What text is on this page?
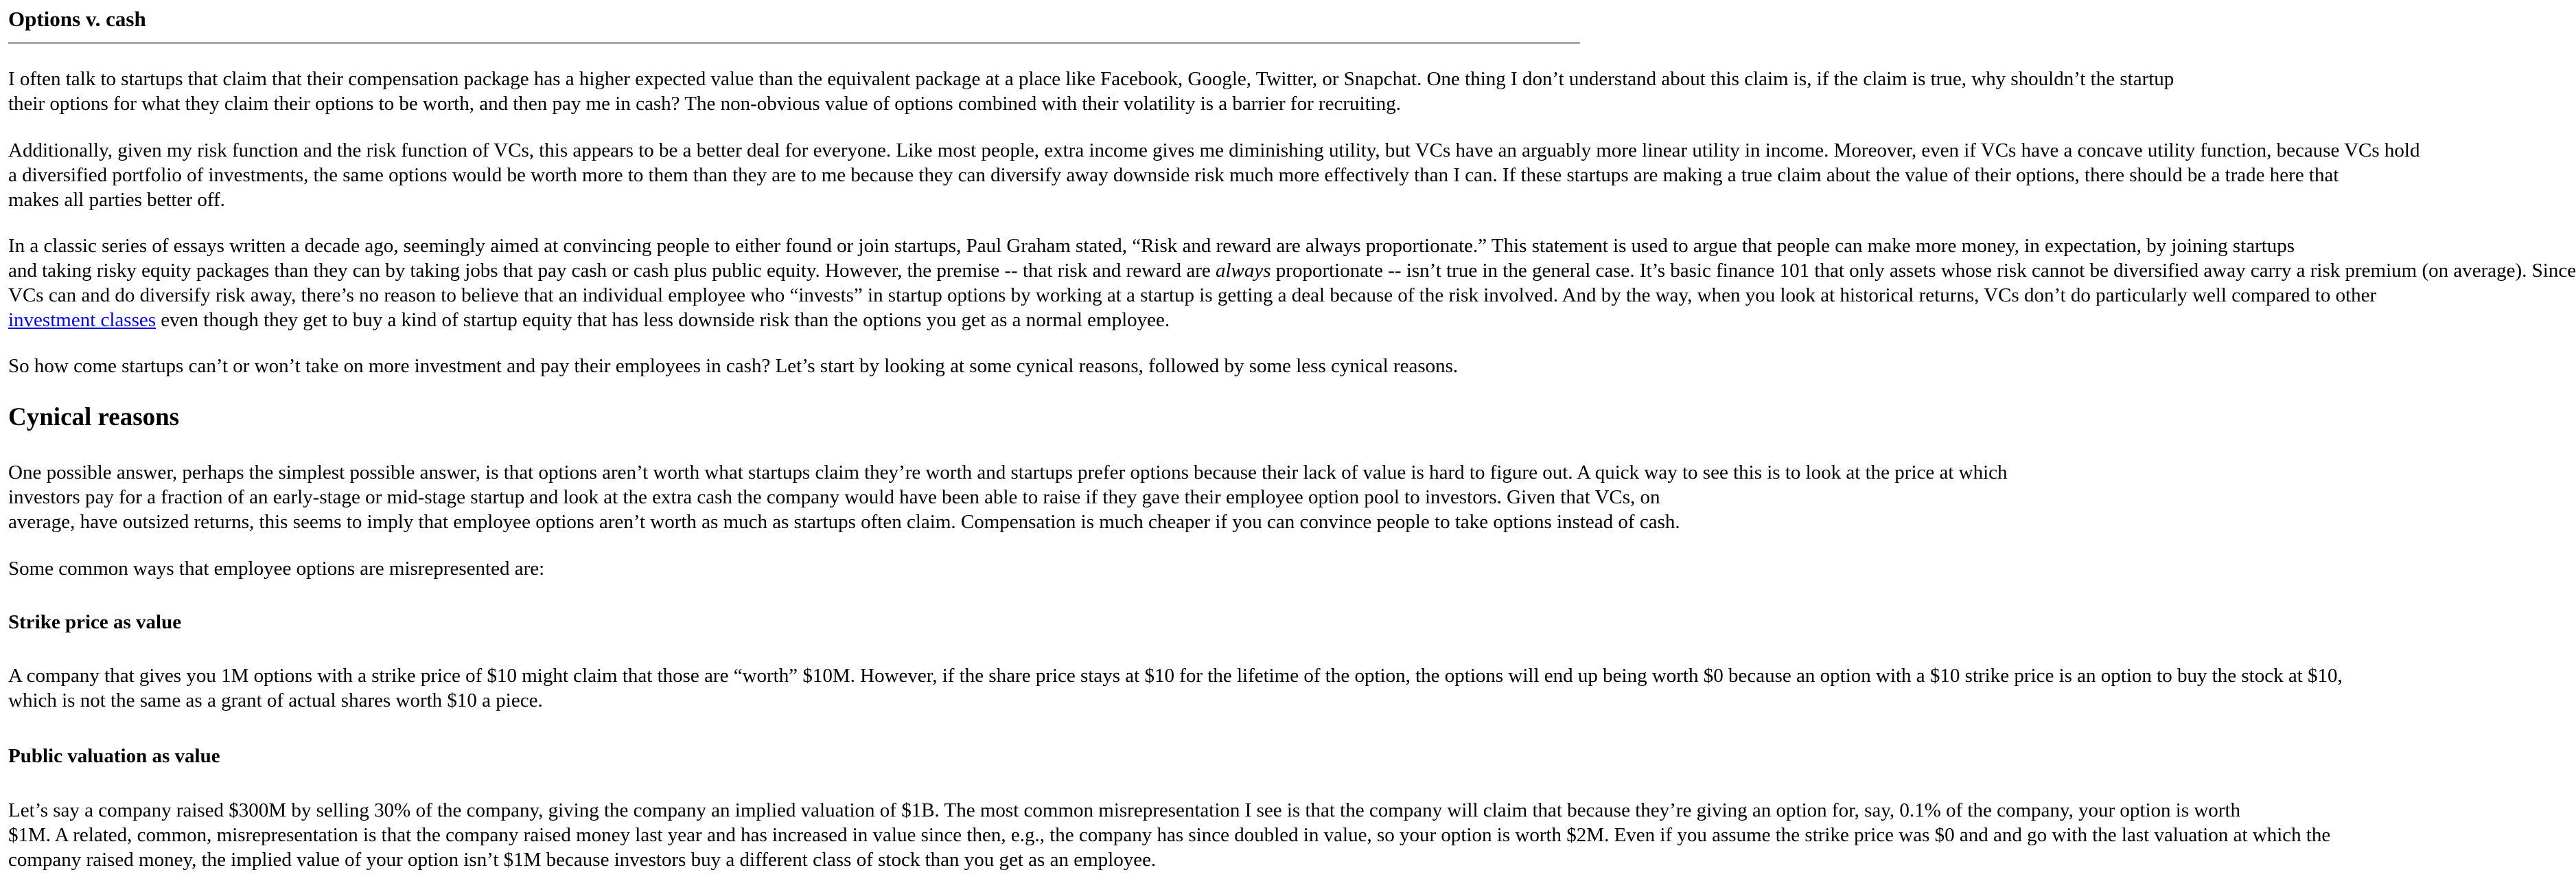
Options v. cash
I often talk to startups that claim that their compensation package has a higher expected value than the equivalent package at a place like Facebook, Google, Twitter, or Snapchat. One thing I don’t understand about this claim is, if the claim is true, why shouldn’t the startup
their options for what they claim their options to be worth, and then pay me in cash? The non-obvious value of options combined with their volatility is a barrier for recruiting.
Additionally, given my risk function and the risk function of VCs, this appears to be a better deal for everyone. Like most people, extra income gives me diminishing utility, but VCs have an arguably more linear utility in income. Moreover, even if VCs have a concave utility function, because VCs hold
a diversified portfolio of investments, the same options would be worth more to them than they are to me because they can diversify away downside risk much more effectively than I can. If these startups are making a true claim about the value of their options, there should be a trade here that
makes all parties better off.
In a classic series of essays written a decade ago, seemingly aimed at convincing people to either found or join startups, Paul Graham stated, “Risk and reward are always proportionate.” This statement is used to argue that people can make more money, in expectation, by joining startups
and taking risky equity packages than they can by taking jobs that pay cash or cash plus public equity. However, the premise -- that risk and reward are always proportionate -- isn’t true in the general case. It’s basic finance 101 that only assets whose risk cannot be diversified away carry a risk premium (on average). Since
VCs can and do diversify risk away, there’s no reason to believe that an individual employee who “invests” in startup options by working at a startup is getting a deal because of the risk involved. And by the way, when you look at historical returns, VCs don’t do particularly well compared to other
investment classes even though they get to buy a kind of startup equity that has less downside risk than the options you get as a normal employee.
So how come startups can’t or won’t take on more investment and pay their employees in cash? Let’s start by looking at some cynical reasons, followed by some less cynical reasons.
Cynical reasons
One possible answer, perhaps the simplest possible answer, is that options aren’t worth what startups claim they’re worth and startups prefer options because their lack of value is hard to figure out. A quick way to see this is to look at the price at which
investors pay for a fraction of an early-stage or mid-stage startup and look at the extra cash the company would have been able to raise if they gave their employee option pool to investors. Given that VCs, on
average, have outsized returns, this seems to imply that employee options aren’t worth as much as startups often claim. Compensation is much cheaper if you can convince people to take options instead of cash.
Some common ways that employee options are misrepresented are:
Strike price as value
A company that gives you 1M options with a strike price of $10 might claim that those are “worth” $10M. However, if the share price stays at $10 for the lifetime of the option, the options will end up being worth $0 because an option with a $10 strike price is an option to buy the stock at $10,
which is not the same as a grant of actual shares worth $10 a piece.
Public valuation as value
Let’s say a company raised $300M by selling 30% of the company, giving the company an implied valuation of $1B. The most common misrepresentation I see is that the company will claim that because they’re giving an option for, say, 0.1% of the company, your option is worth
$1M. A related, common, misrepresentation is that the company raised money last year and has increased in value since then, e.g., the company has since doubled in value, so your option is worth $2M. Even if you assume the strike price was $0 and and go with the last valuation at which the
company raised money, the implied value of your option isn’t $1M because investors buy a different class of stock than you get as an employee.
